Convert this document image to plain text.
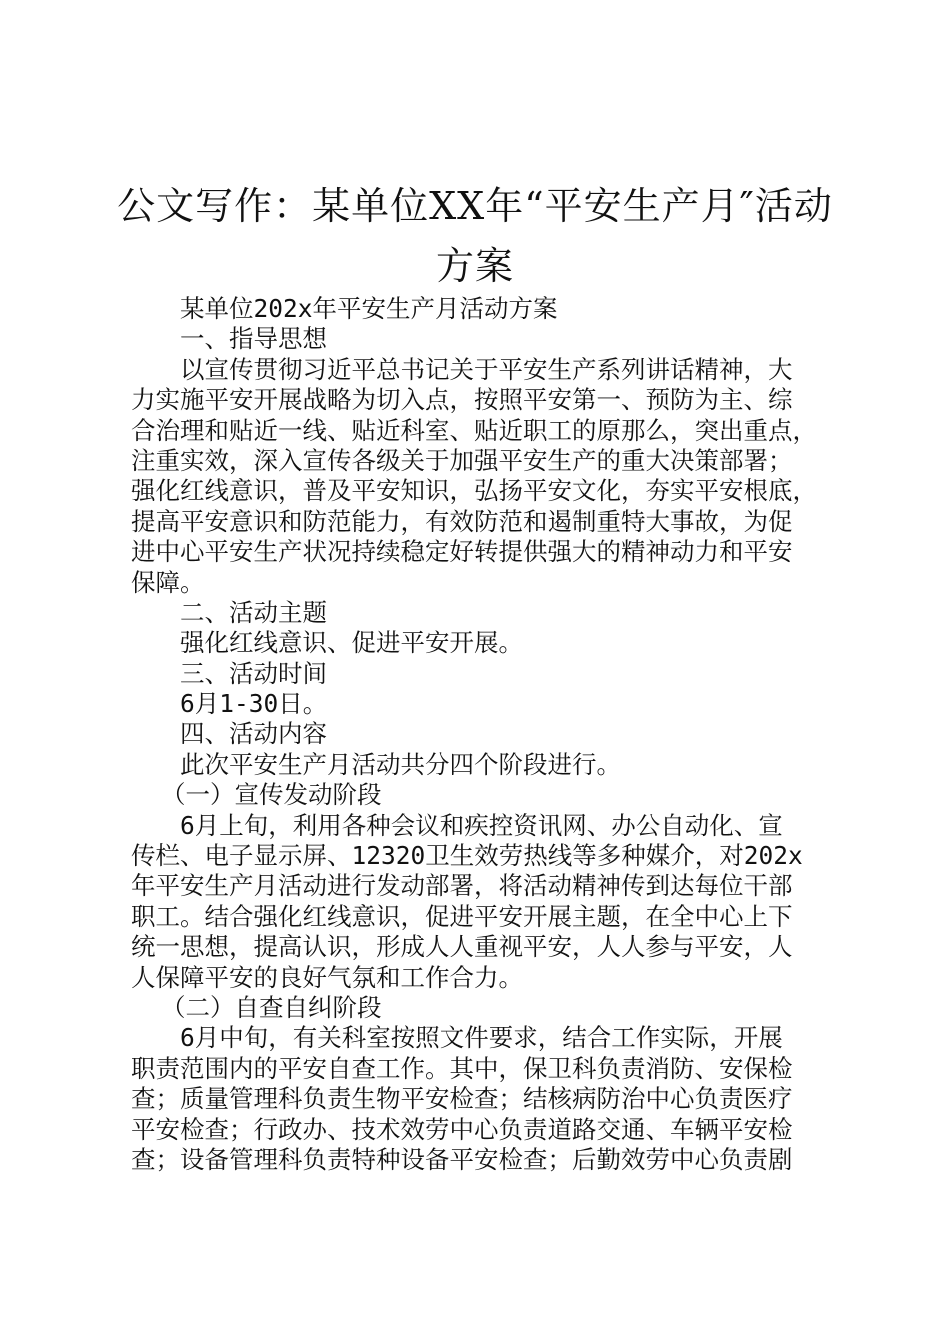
公文写作：某单位XX年“平安生产月″活动
方案
某单位202x年平安生产月活动方案
一、指导思想
以宣传贯彻习近平总书记关于平安生产系列讲话精神，大
力实施平安开展战略为切入点，按照平安第一、预防为主、综
合治理和贴近一线、贴近科室、贴近职工的原那么，突出重点，
注重实效，深入宣传各级关于加强平安生产的重大决策部署；
强化红线意识，普及平安知识，弘扬平安文化，夯实平安根底，
提高平安意识和防范能力，有效防范和遏制重特大事故，为促
进中心平安生产状况持续稳定好转提供强大的精神动力和平安
保障。
二、活动主题
强化红线意识、促进平安开展。
三、活动时间
6月1-30日。
四、活动内容
此次平安生产月活动共分四个阶段进行。
（一）宣传发动阶段
6月上旬，利用各种会议和疾控资讯网、办公自动化、宣
传栏、电子显示屏、12320卫生效劳热线等多种媒介，对202x
年平安生产月活动进行发动部署，将活动精神传到达每位干部
职工。结合强化红线意识，促进平安开展主题，在全中心上下
统一思想，提高认识，形成人人重视平安，人人参与平安，人
人保障平安的良好气氛和工作合力。
（二）自查自纠阶段
6月中旬，有关科室按照文件要求，结合工作实际，开展
职责范围内的平安自查工作。其中，保卫科负责消防、安保检
查；质量管理科负责生物平安检查；结核病防治中心负责医疗
平安检查；行政办、技术效劳中心负责道路交通、车辆平安检
查；设备管理科负责特种设备平安检查；后勤效劳中心负责剧
